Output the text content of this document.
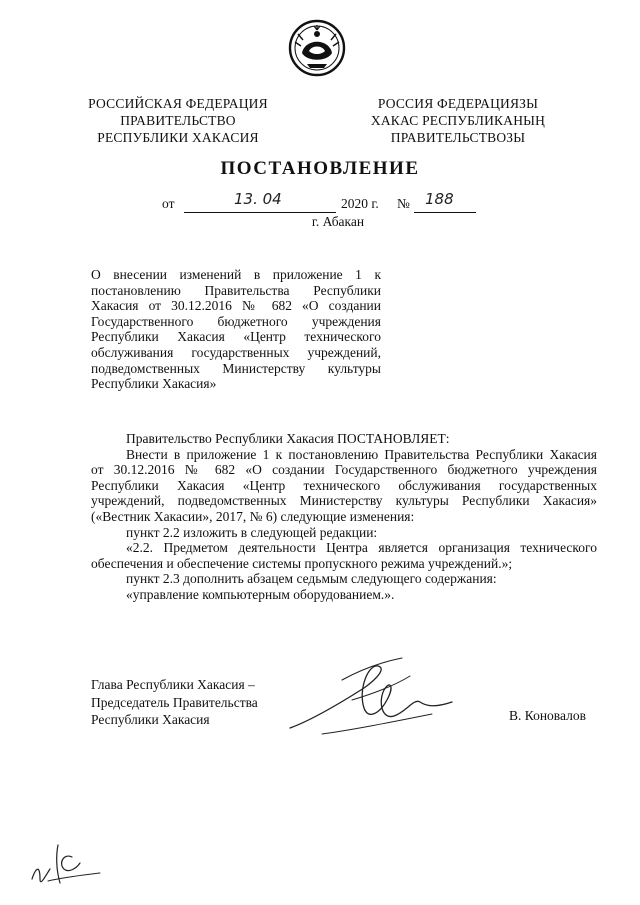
РОССИЙСКАЯ ФЕДЕРАЦИЯ
ПРАВИТЕЛЬСТВО
РЕСПУБЛИКИ ХАКАСИЯ
РОССИЯ ФЕДЕРАЦИЯЗЫ
ХАКАС РЕСПУБЛИКАНЫҢ
ПРАВИТЕЛЬСТВОЗЫ
ПОСТАНОВЛЕНИЕ
от	13. 04	2020 г. № 188
г. Абакан
О внесении изменений в приложение 1 к
постановлению Правительства Республики
Хакасия от 30.12.2016 № 682 «О создании
Государственного бюджетного учреждения
Республики Хакасия «Центр технического
обслуживания государственных учреждений,
подведомственных Министерству культуры
Республики Хакасия»
Правительство Республики Хакасия ПОСТАНОВЛЯЕТ:
Внести в приложение 1 к постановлению Правительства Республики Хакасия
от 30.12.2016 № 682 «О создании Государственного бюджетного учреждения
Республики Хакасия «Центр технического обслуживания государственных
учреждений, подведомственных Министерству культуры Республики Хакасия»
(«Вестник Хакасии», 2017, № 6) следующие изменения:
пункт 2.2 изложить в следующей редакции:
«2.2. Предметом деятельности Центра является организация технического
обеспечения и обеспечение системы пропускного режима учреждений.»;
пункт 2.3 дополнить абзацем седьмым следующего содержания:
«управление компьютерным оборудованием.».
Глава Республики Хакасия –
Председатель Правительства
Республики Хакасия	В. Коновалов
